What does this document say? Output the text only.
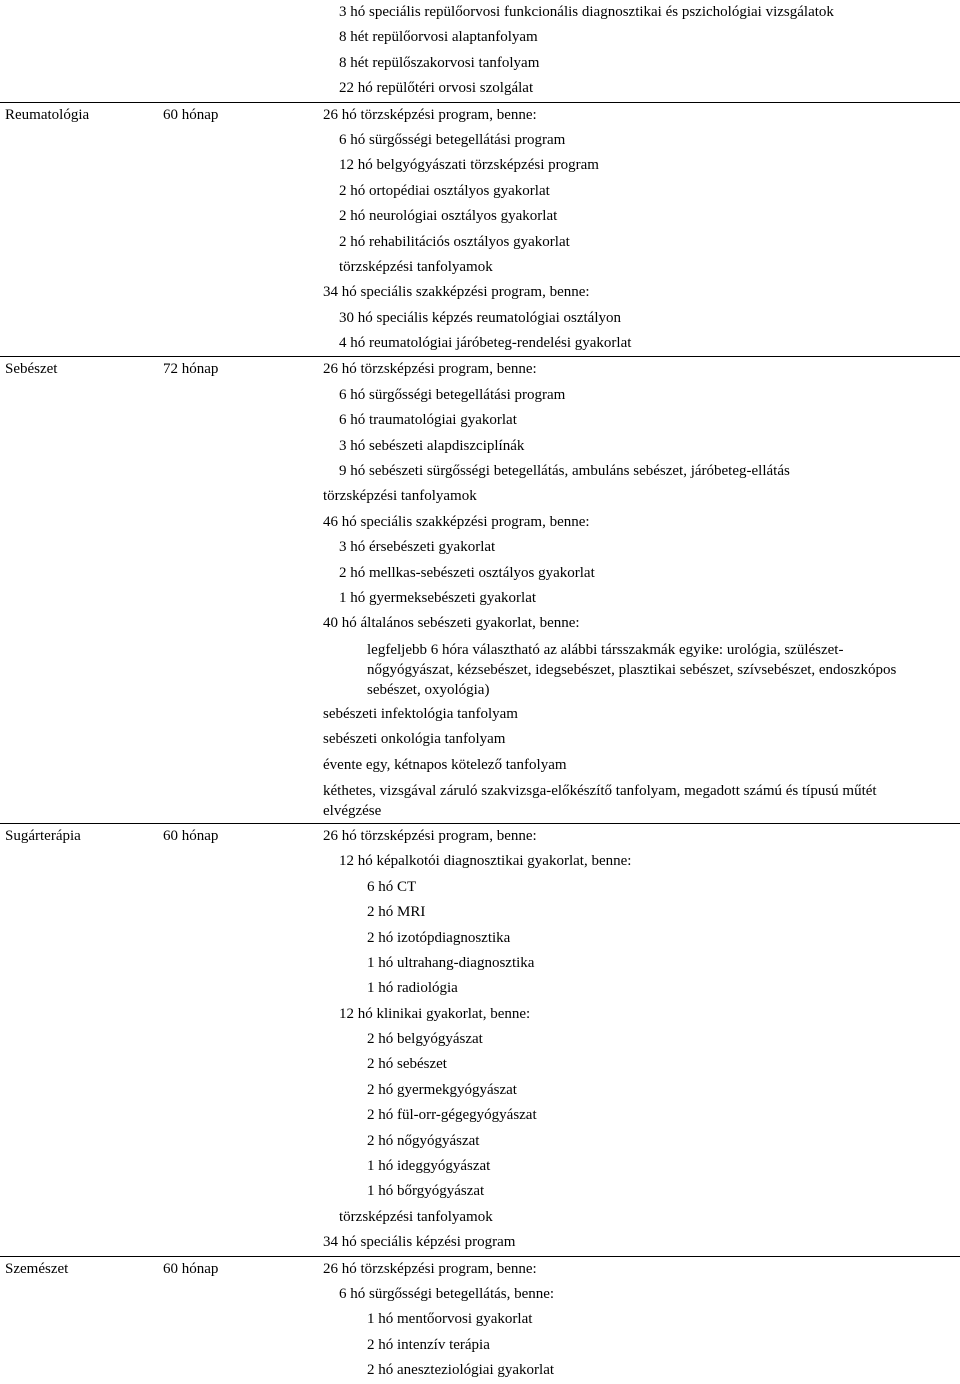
3 hó speciális repülőorvosi funkcionális diagnosztikai és pszichológiai vizsgálatok
8 hét repülőorvosi alaptanfolyam
8 hét repülőszakorvosi tanfolyam
22 hó repülőtéri orvosi szolgálat
Reumatológia	60 hónap	26 hó törzsképzési program, benne:
6 hó sürgősségi betegellátási program
12 hó belgyógyászati törzsképzési program
2 hó ortopédiai osztályos gyakorlat
2 hó neurológiai osztályos gyakorlat
2 hó rehabilitációs osztályos gyakorlat
törzsképzési tanfolyamok
34 hó speciális szakképzési program, benne:
30 hó speciális képzés reumatológiai osztályon
4 hó reumatológiai járóbeteg-rendelési gyakorlat
Sebészet	72 hónap	26 hó törzsképzési program, benne:
6 hó sürgősségi betegellátási program
6 hó traumatológiai gyakorlat
3 hó sebészeti alapdiszciplínák
9 hó sebészeti sürgősségi betegellátás, ambuláns sebészet, járóbeteg-ellátás
törzsképzési tanfolyamok
46 hó speciális szakképzési program, benne:
3 hó érsebészeti gyakorlat
2 hó mellkas-sebészeti osztályos gyakorlat
1 hó gyermeksebészeti gyakorlat
40 hó általános sebészeti gyakorlat, benne:
legfeljebb 6 hóra választható az alábbi társszakmák egyike: urológia, szülészet-nőgyógyászat, kézsebészet, idegsebészet, plasztikai sebészet, szívsebészet, endoszkópos sebészet, oxyológia)
sebészeti infektológia tanfolyam
sebészeti onkológia tanfolyam
évente egy, kétnapos kötelező tanfolyam
kéthetes, vizsgával záruló szakvizsga-előkészítő tanfolyam, megadott számú és típusú műtét elvégzése
Sugárterápia	60 hónap	26 hó törzsképzési program, benne:
12 hó képalkotói diagnosztikai gyakorlat, benne:
6 hó CT
2 hó MRI
2 hó izotópdiagnosztika
1 hó ultrahang-diagnosztika
1 hó radiológia
12 hó klinikai gyakorlat, benne:
2 hó belgyógyászat
2 hó sebészet
2 hó gyermekgyógyászat
2 hó fül-orr-gégegyógyászat
2 hó nőgyógyászat
1 hó ideggyógyászat
1 hó bőrgyógyászat
törzsképzési tanfolyamok
34 hó speciális képzési program
Szemészet	60 hónap	26 hó törzsképzési program, benne:
6 hó sürgősségi betegellátás, benne:
1 hó mentőorvosi gyakorlat
2 hó intenzív terápia
2 hó aneszteziológiai gyakorlat
